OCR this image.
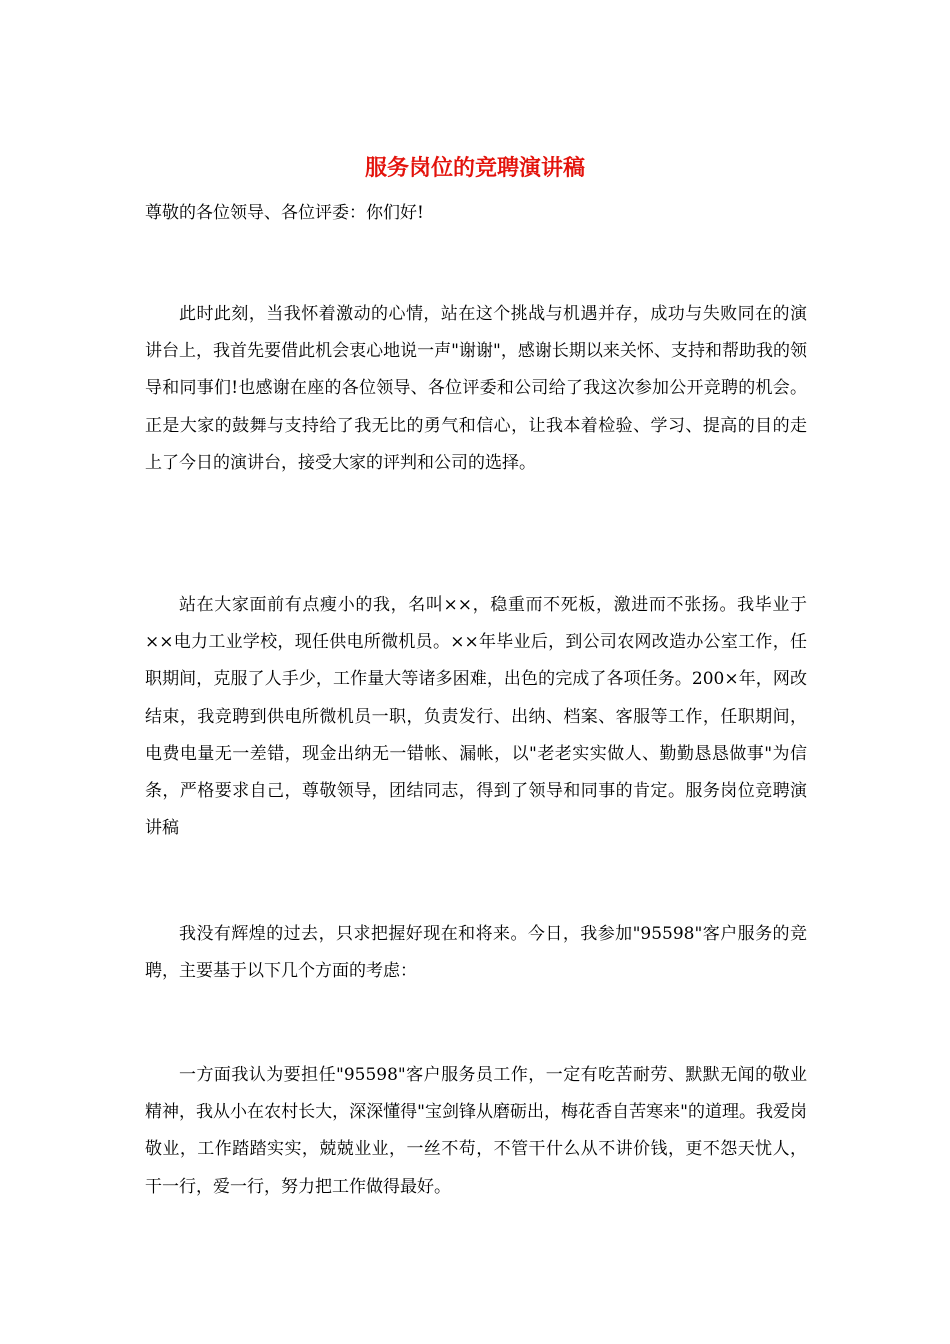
服务岗位的竞聘演讲稿

尊敬的各位领导、各位评委：你们好!

此时此刻，当我怀着激动的心情，站在这个挑战与机遇并存，成功与失败同在的演讲台上，我首先要借此机会衷心地说一声"谢谢"，感谢长期以来关怀、支持和帮助我的领导和同事们!也感谢在座的各位领导、各位评委和公司给了我这次参加公开竞聘的机会。正是大家的鼓舞与支持给了我无比的勇气和信心，让我本着检验、学习、提高的目的走上了今日的演讲台，接受大家的评判和公司的选择。

站在大家面前有点瘦小的我，名叫××，稳重而不死板，激进而不张扬。我毕业于××电力工业学校，现任供电所微机员。××年毕业后，到公司农网改造办公室工作，任职期间，克服了人手少，工作量大等诸多困难，出色的完成了各项任务。200×年，网改结束，我竞聘到供电所微机员一职，负责发行、出纳、档案、客服等工作，任职期间，电费电量无一差错，现金出纳无一错帐、漏帐，以"老老实实做人、勤勤恳恳做事"为信条，严格要求自己，尊敬领导，团结同志，得到了领导和同事的肯定。服务岗位竞聘演讲稿

我没有辉煌的过去，只求把握好现在和将来。今日，我参加"95598"客户服务的竞聘，主要基于以下几个方面的考虑：

一方面我认为要担任"95598"客户服务员工作，一定有吃苦耐劳、默默无闻的敬业精神，我从小在农村长大，深深懂得"宝剑锋从磨砺出，梅花香自苦寒来"的道理。我爱岗敬业，工作踏踏实实，兢兢业业，一丝不苟，不管干什么从不讲价钱，更不怨天忧人，干一行，爱一行，努力把工作做得最好。
